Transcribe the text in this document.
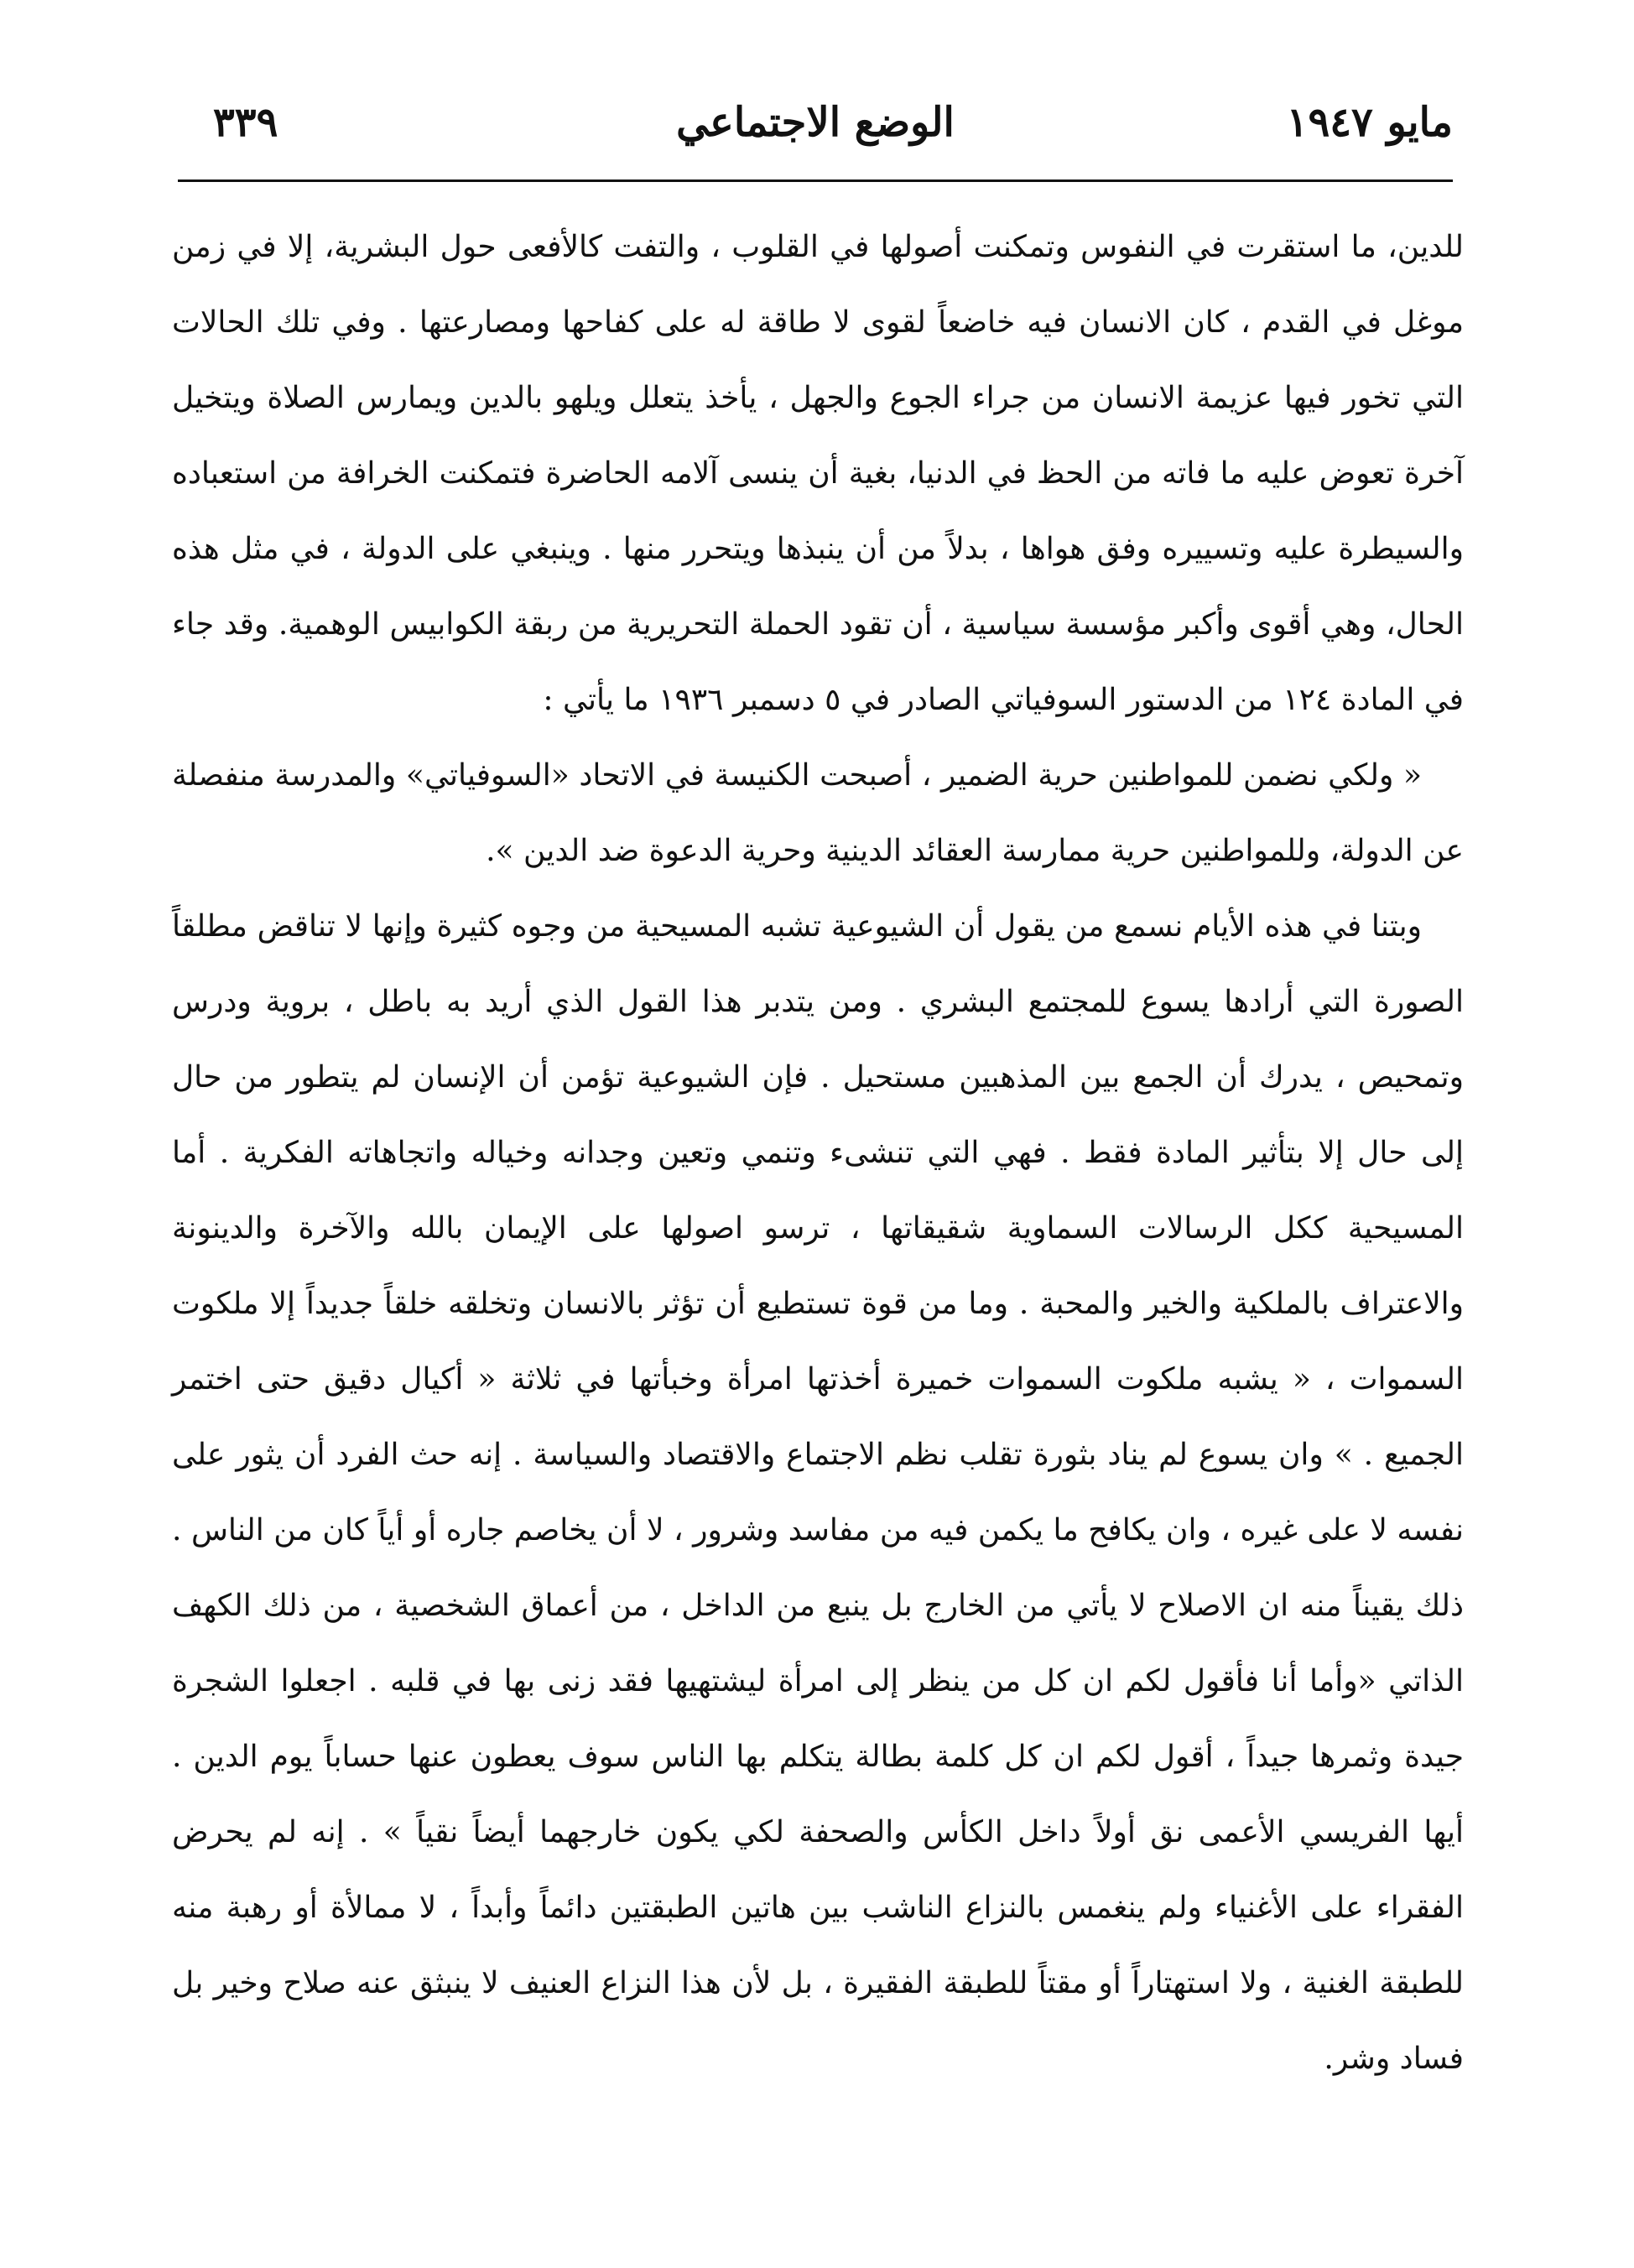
٣٣٩	الوضع الاجتماعي	مايو ١٩٤٧

للدين، ما استقرت في النفوس وتمكنت أصولها في القلوب ، والتفت كالأفعى حول البشرية، إلا في زمن موغل في القدم ، كان الانسان فيه خاضعاً لقوى لا طاقة له على كفاحها ومصارعتها . وفي تلك الحالات التي تخور فيها عزيمة الانسان من جراء الجوع والجهل ، يأخذ يتعلل ويلهو بالدين ويمارس الصلاة ويتخيل آخرة تعوض عليه ما فاته من الحظ في الدنيا، بغية أن ينسى آلامه الحاضرة فتمكنت الخرافة من استعباده والسيطرة عليه وتسييره وفق هواها ، بدلاً من أن ينبذها ويتحرر منها . وينبغي على الدولة ، في مثل هذه الحال، وهي أقوى وأكبر مؤسسة سياسية ، أن تقود الحملة التحريرية من ربقة الكوابيس الوهمية. وقد جاء في المادة ١٢٤ من الدستور السوفياتي الصادر في ٥ دسمبر ١٩٣٦ ما يأتي :

« ولكي نضمن للمواطنين حرية الضمير ، أصبحت الكنيسة في الاتحاد «السوفياتي» والمدرسة منفصلة عن الدولة، وللمواطنين حرية ممارسة العقائد الدينية وحرية الدعوة ضد الدين ».

وبتنا في هذه الأيام نسمع من يقول أن الشيوعية تشبه المسيحية من وجوه كثيرة وإنها لا تناقض مطلقاً الصورة التي أرادها يسوع للمجتمع البشري . ومن يتدبر هذا القول الذي أريد به باطل ، بروية ودرس وتمحيص ، يدرك أن الجمع بين المذهبين مستحيل . فإن الشيوعية تؤمن أن الإنسان لم يتطور من حال إلى حال إلا بتأثير المادة فقط . فهي التي تنشىء وتنمي وتعين وجدانه وخياله واتجاهاته الفكرية . أما المسيحية ككل الرسالات السماوية شقيقاتها ، ترسو اصولها على الإيمان بالله والآخرة والدينونة والاعتراف بالملكية والخير والمحبة . وما من قوة تستطيع أن تؤثر بالانسان وتخلقه خلقاً جديداً إلا ملكوت السموات ، « يشبه ملكوت السموات خميرة أخذتها امرأة وخبأتها في ثلاثة « أكيال دقيق حتى اختمر الجميع . » وان يسوع لم يناد بثورة تقلب نظم الاجتماع والاقتصاد والسياسة . إنه حث الفرد أن يثور على نفسه لا على غيره ، وان يكافح ما يكمن فيه من مفاسد وشرور ، لا أن يخاصم جاره أو أياً كان من الناس . ذلك يقيناً منه ان الاصلاح لا يأتي من الخارج بل ينبع من الداخل ، من أعماق الشخصية ، من ذلك الكهف الذاتي «وأما أنا فأقول لكم ان كل من ينظر إلى امرأة ليشتهيها فقد زنى بها في قلبه . اجعلوا الشجرة جيدة وثمرها جيداً ، أقول لكم ان كل كلمة بطالة يتكلم بها الناس سوف يعطون عنها حساباً يوم الدين . أيها الفريسي الأعمى نق أولاً داخل الكأس والصحفة لكي يكون خارجهما أيضاً نقياً » . إنه لم يحرض الفقراء على الأغنياء ولم ينغمس بالنزاع الناشب بين هاتين الطبقتين دائماً وأبداً ، لا ممالأة أو رهبة منه للطبقة الغنية ، ولا استهتاراً أو مقتاً للطبقة الفقيرة ، بل لأن هذا النزاع العنيف لا ينبثق عنه صلاح وخير بل فساد وشر.
